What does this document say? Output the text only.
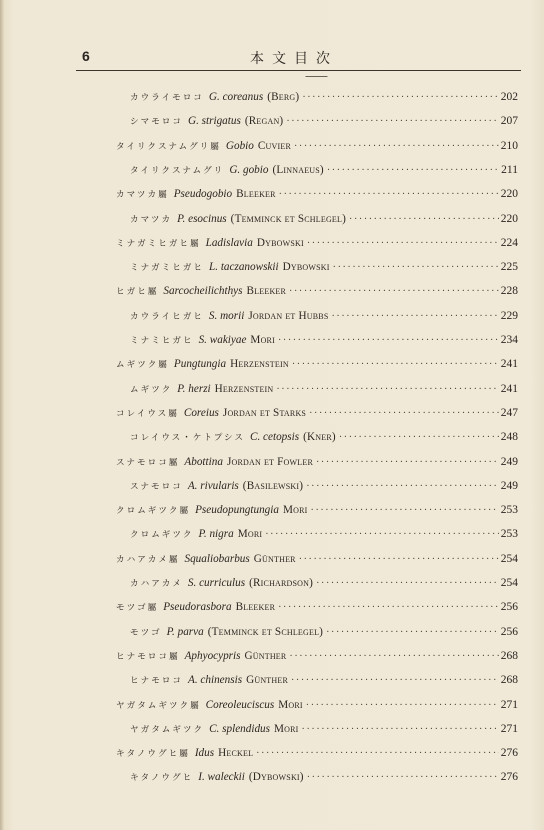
6	本文目次
カウライモロコ G. coreanus (Berg) ·····	202
シマモロコ G. strigatus (Regan) ·····	207
タイリクスナムグリ屬 Gobio Cuvier ·····	210
タイリクスナムグリ G. gobio (Linnaeus) ·····	211
カマツカ屬 Pseudogobio Bleeker ·····	220
カマツカ P. esocinus (Temminck et Schlegel) ·····	220
ミナガミヒガヒ屬 Ladislavia Dybowski ·····	224
ミナガミヒガヒ L. taczanowskii Dybowski ·····	225
ヒガヒ屬 Sarcocheilichthys Bleeker ·····	228
カウライヒガヒ S. morii Jordan et Hubbs ·····	229
ミナミヒガヒ S. wakiyae Mori ·····	234
ムギツク屬 Pungtungia Herzenstein ·····	241
ムギツク P. herzi Herzenstein ·····	241
コレイウス屬 Coreius Jordan et Starks ·····	247
コレイウス・ケトプシス C. cetopsis (Kner) ·····	248
スナモロコ屬 Abottina Jordan et Fowler ·····	249
スナモロコ A. rivularis (Basilewski) ·····	249
クロムギツク屬 Pseudopungtungia Mori ·····	253
クロムギツク P. nigra Mori ·····	253
カハアカメ屬 Squaliobarbus Günther ·····	254
カハアカメ S. curriculus (Richardson) ·····	254
モツゴ屬 Pseudorasbora Bleeker ·····	256
モツゴ P. parva (Temminck et Schlegel) ·····	256
ヒナモロコ屬 Aphyocypris Günther ·····	268
ヒナモロコ A. chinensis Günther ·····	268
ヤガタムギツク屬 Coreoleuciscus Mori ·····	271
ヤガタムギツク C. splendidus Mori ·····	271
キタノウグヒ屬 Idus Heckel ·····	276
キタノウグヒ I. waleckii (Dybowski) ·····	276
